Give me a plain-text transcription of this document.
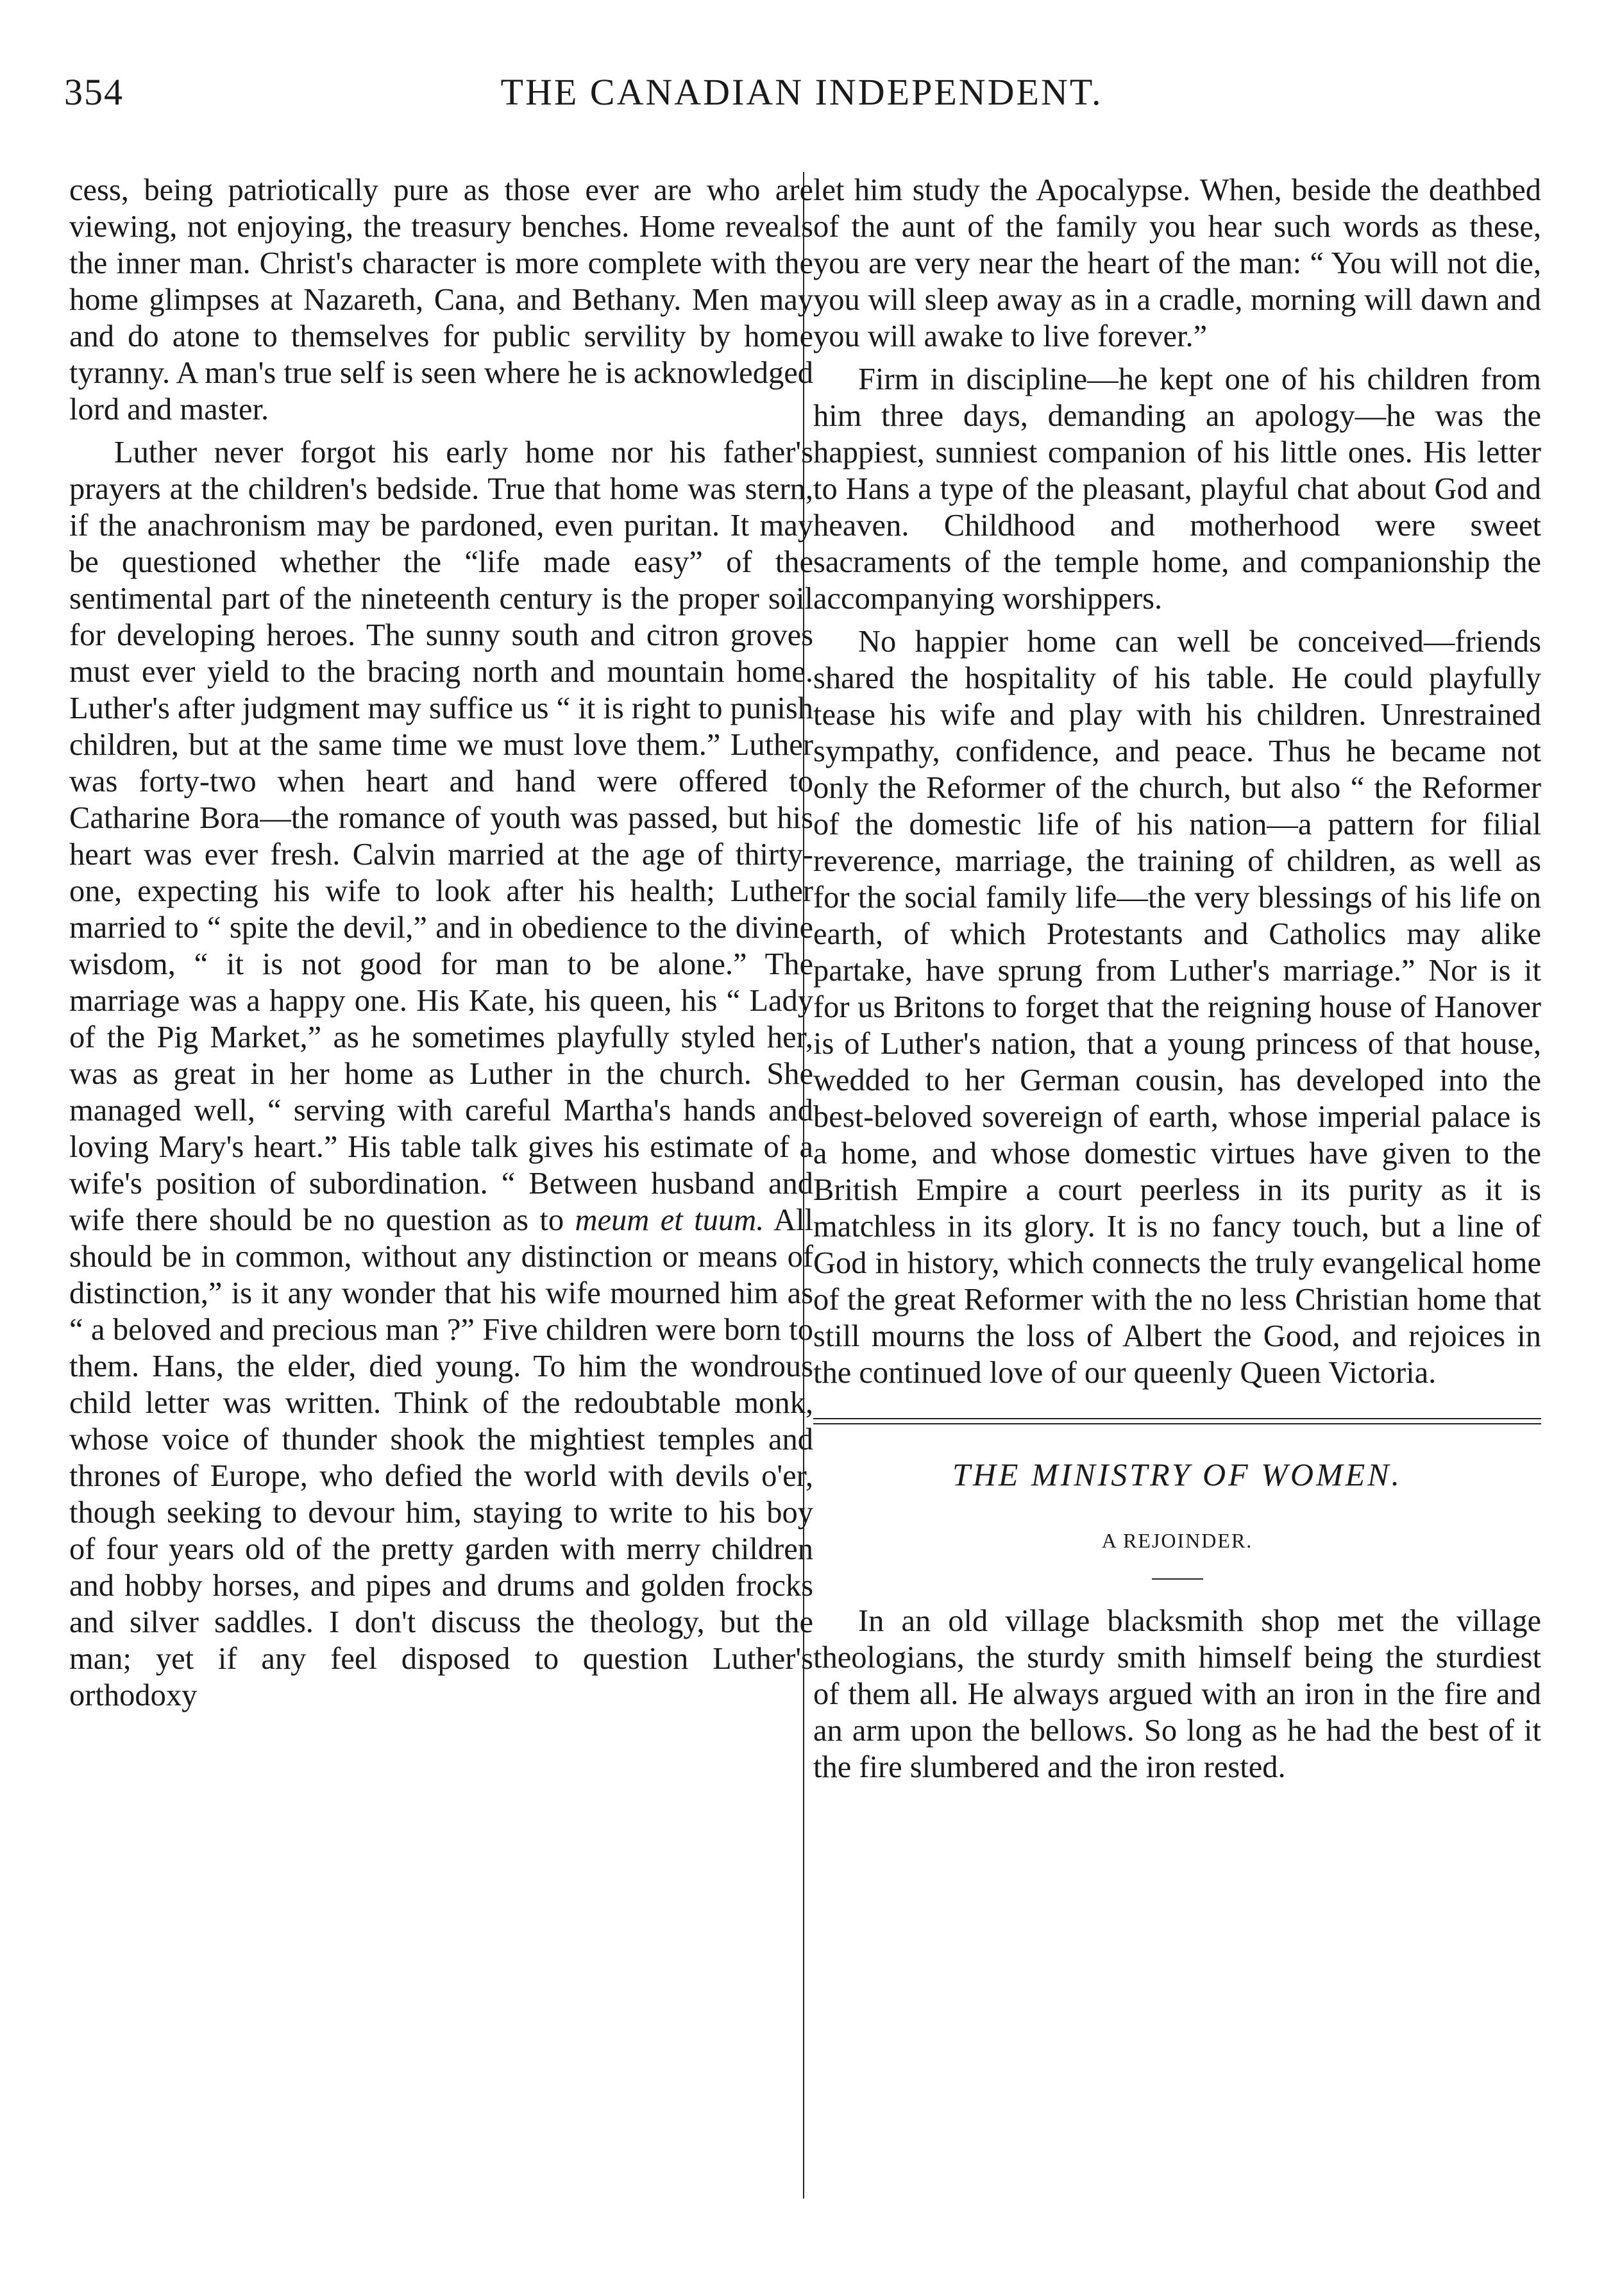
354	THE CANADIAN INDEPENDENT.

cess, being patriotically pure as those ever are who are viewing, not enjoying, the treasury benches. Home reveals the inner man. Christ's character is more complete with the home glimpses at Nazareth, Cana, and Bethany. Men may and do atone to themselves for public servility by home tyranny. A man's true self is seen where he is acknowledged lord and master.

Luther never forgot his early home nor his father's prayers at the children's bedside. True that home was stern, if the anachronism may be pardoned, even puritan. It may be questioned whether the “life made easy” of the sentimental part of the nineteenth century is the proper soil for developing heroes. The sunny south and citron groves must ever yield to the bracing north and mountain home. Luther's after judgment may suffice us “ it is right to punish children, but at the same time we must love them.” Luther was forty-two when heart and hand were offered to Catharine Bora—the romance of youth was passed, but his heart was ever fresh. Calvin married at the age of thirty-one, expecting his wife to look after his health; Luther married to “ spite the devil,” and in obedience to the divine wisdom, “ it is not good for man to be alone.” The marriage was a happy one. His Kate, his queen, his “ Lady of the Pig Market,” as he sometimes playfully styled her, was as great in her home as Luther in the church. She managed well, “ serving with careful Martha's hands and loving Mary's heart.” His table talk gives his estimate of a wife's position of subordination. “ Between husband and wife there should be no question as to meum et tuum. All should be in common, without any distinction or means of distinction,” is it any wonder that his wife mourned him as “ a beloved and precious man ?” Five children were born to them. Hans, the elder, died young. To him the wondrous child letter was written. Think of the redoubtable monk, whose voice of thunder shook the mightiest temples and thrones of Europe, who defied the world with devils o'er, though seeking to devour him, staying to write to his boy of four years old of the pretty garden with merry children and hobby horses, and pipes and drums and golden frocks and silver saddles. I don't discuss the theology, but the man; yet if any feel disposed to question Luther's orthodoxy

let him study the Apocalypse. When, beside the deathbed of the aunt of the family you hear such words as these, you are very near the heart of the man: “ You will not die, you will sleep away as in a cradle, morning will dawn and you will awake to live forever.”

Firm in discipline—he kept one of his children from him three days, demanding an apology—he was the happiest, sunniest companion of his little ones. His letter to Hans a type of the pleasant, playful chat about God and heaven. Childhood and motherhood were sweet sacraments of the temple home, and companionship the accompanying worshippers.

No happier home can well be conceived—friends shared the hospitality of his table. He could playfully tease his wife and play with his children. Unrestrained sympathy, confidence, and peace. Thus he became not only the Reformer of the church, but also “ the Reformer of the domestic life of his nation—a pattern for filial reverence, marriage, the training of children, as well as for the social family life—the very blessings of his life on earth, of which Protestants and Catholics may alike partake, have sprung from Luther's marriage.” Nor is it for us Britons to forget that the reigning house of Hanover is of Luther's nation, that a young princess of that house, wedded to her German cousin, has developed into the best-beloved sovereign of earth, whose imperial palace is a home, and whose domestic virtues have given to the British Empire a court peerless in its purity as it is matchless in its glory. It is no fancy touch, but a line of God in history, which connects the truly evangelical home of the great Reformer with the no less Christian home that still mourns the loss of Albert the Good, and rejoices in the continued love of our queenly Queen Victoria.

THE MINISTRY OF WOMEN.
A REJOINDER.

In an old village blacksmith shop met the village theologians, the sturdy smith himself being the sturdiest of them all. He always argued with an iron in the fire and an arm upon the bellows. So long as he had the best of it the fire slumbered and the iron rested.
